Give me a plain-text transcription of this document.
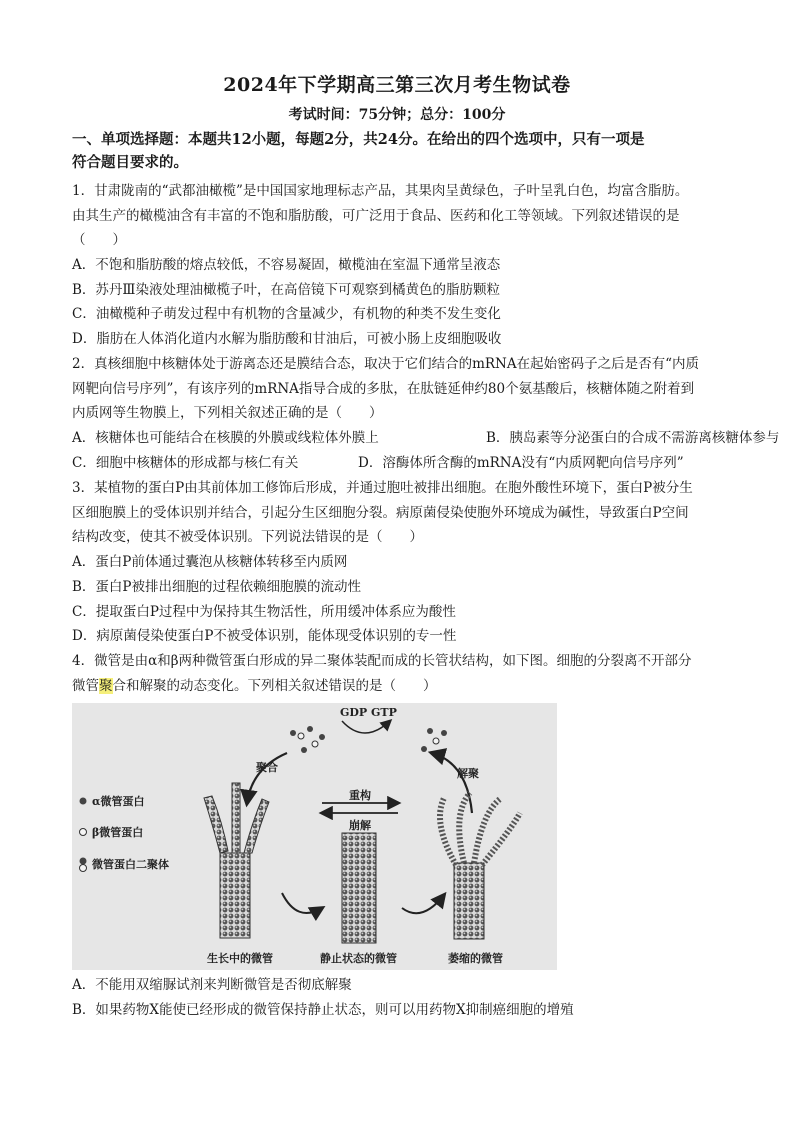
2024年下学期高三第三次月考生物试卷
考试时间：75分钟；总分：100分
一、单项选择题：本题共12小题，每题2分，共24分。在给出的四个选项中，只有一项是
符合题目要求的。
1．甘肃陇南的“武都油橄榄”是中国国家地理标志产品，其果肉呈黄绿色，子叶呈乳白色，均富含脂肪。
由其生产的橄榄油含有丰富的不饱和脂肪酸，可广泛用于食品、医药和化工等领域。下列叙述错误的是
（　　）
A．不饱和脂肪酸的熔点较低，不容易凝固，橄榄油在室温下通常呈液态
B．苏丹Ⅲ染液处理油橄榄子叶，在高倍镜下可观察到橘黄色的脂肪颗粒
C．油橄榄种子萌发过程中有机物的含量减少，有机物的种类不发生变化
D．脂肪在人体消化道内水解为脂肪酸和甘油后，可被小肠上皮细胞吸收
2．真核细胞中核糖体处于游离态还是膜结合态，取决于它们结合的mRNA在起始密码子之后是否有“内质
网靶向信号序列”，有该序列的mRNA指导合成的多肽，在肽链延伸约80个氨基酸后，核糖体随之附着到
内质网等生物膜上，下列相关叙述正确的是（　　）
A．核糖体也可能结合在核膜的外膜或线粒体外膜上	B．胰岛素等分泌蛋白的合成不需游离核糖体参与
C．细胞中核糖体的形成都与核仁有关	D．溶酶体所含酶的mRNA没有“内质网靶向信号序列”
3．某植物的蛋白P由其前体加工修饰后形成，并通过胞吐被排出细胞。在胞外酸性环境下，蛋白P被分生
区细胞膜上的受体识别并结合，引起分生区细胞分裂。病原菌侵染使胞外环境成为碱性，导致蛋白P空间
结构改变，使其不被受体识别。下列说法错误的是（　　）
A．蛋白P前体通过囊泡从核糖体转移至内质网
B．蛋白P被排出细胞的过程依赖细胞膜的流动性
C．提取蛋白P过程中为保持其生物活性，所用缓冲体系应为酸性
D．病原菌侵染使蛋白P不被受体识别，能体现受体识别的专一性
4．微管是由α和β两种微管蛋白形成的异二聚体装配而成的长管状结构，如下图。细胞的分裂离不开部分
微管聚合和解聚的动态变化。下列相关叙述错误的是（　　）
GDP GTP
聚合	解聚
重构
崩解
α微管蛋白
β微管蛋白
微管蛋白二聚体
生长中的微管	静止状态的微管	萎缩的微管
A．不能用双缩脲试剂来判断微管是否彻底解聚
B．如果药物X能使已经形成的微管保持静止状态，则可以用药物X抑制癌细胞的增殖
